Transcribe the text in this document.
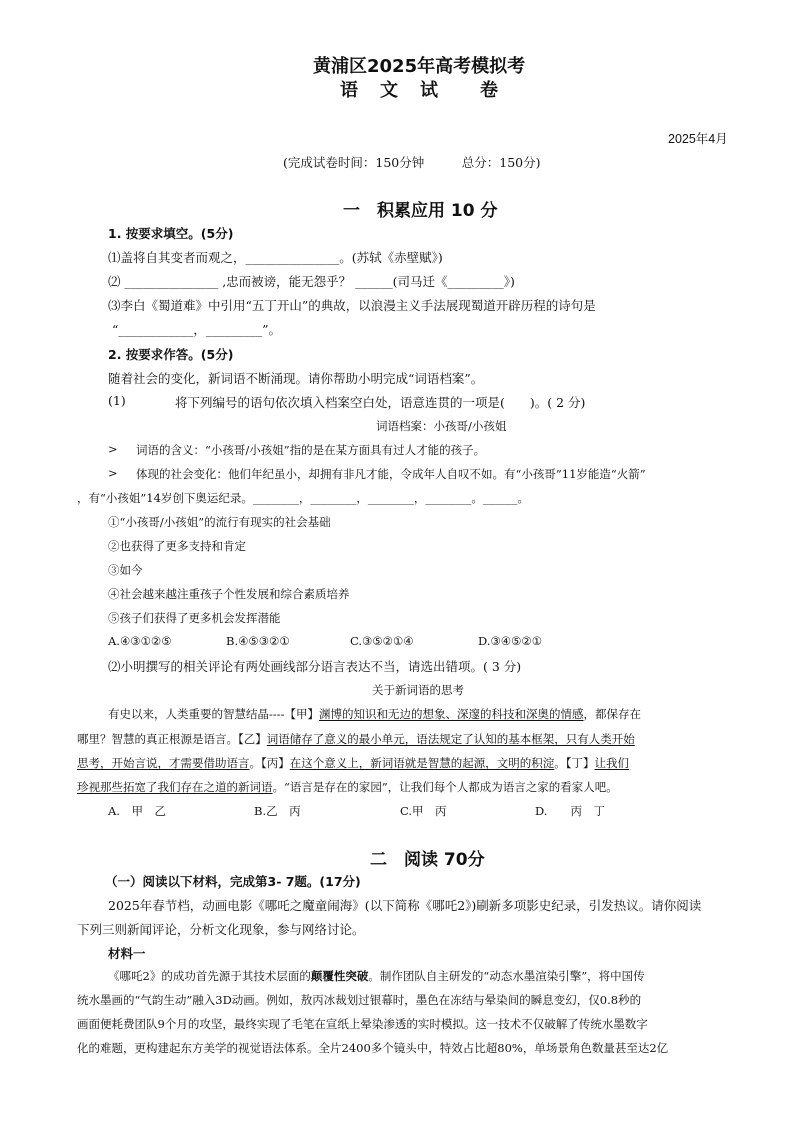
黄浦区2025年高考模拟考
语　文　试　　卷
2025年4月
(完成试卷时间：150分钟　　　总分：150分)
一　积累应用 10 分
1. 按要求填空。(5分)
⑴盖将自其变者而观之，_______________。(苏轼《赤壁赋》)
⑵ _______________ ,忠而被谤，能无怨乎？ ______(司马迁《_________》)
⑶李白《蜀道难》中引用“五丁开山”的典故，以浪漫主义手法展现蜀道开辟历程的诗句是
“____________，_________”。
2. 按要求作答。(5分)
随着社会的变化，新词语不断涌现。请你帮助小明完成“词语档案”。
(1)	将下列编号的语句依次填入档案空白处，语意连贯的一项是(　　)。( 2 分)
词语档案：小孩哥/小孩姐
> 词语的含义：“小孩哥/小孩姐”指的是在某方面具有过人才能的孩子。
> 体现的社会变化：他们年纪虽小，却拥有非凡才能，令成年人自叹不如。有“小孩哥”11岁能造“火箭”
，有“小孩姐”14岁创下奥运纪录。________，________，________，________。______。
①“小孩哥/小孩姐”的流行有现实的社会基础
②也获得了更多支持和肯定
③如今
④社会越来越注重孩子个性发展和综合素质培养
⑤孩子们获得了更多机会发挥潜能
A.④③①②⑤	B.④⑤③②①	C.③⑤②①④	D.③④⑤②①
⑵小明撰写的相关评论有两处画线部分语言表达不当，请选出错项。( 3 分)
关于新词语的思考
有史以来，人类重要的智慧结晶----【甲】渊博的知识和无边的想象、深邃的科技和深奥的情感，都保存在
哪里？智慧的真正根源是语言。【乙】词语储存了意义的最小单元，语法规定了认知的基本框架，只有人类开始
思考，开始言说，才需要借助语言。【丙】在这个意义上，新词语就是智慧的起源，文明的积淀。【丁】让我们
珍视那些拓宽了我们存在之道的新词语。“语言是存在的家园”，让我们每个人都成为语言之家的看家人吧。
A.　甲　乙	B.乙　丙	C.甲　丙	D.　　丙　丁
二　阅读 70分
（一）阅读以下材料，完成第3- 7题。(17分)
2025年春节档，动画电影《哪吒之魔童闹海》(以下简称《哪吒2》)刷新多项影史纪录，引发热议。请你阅读
下列三则新闻评论，分析文化现象，参与网络讨论。
材料一
《哪吒2》的成功首先源于其技术层面的颠覆性突破。制作团队自主研发的“动态水墨渲染引擎”，将中国传
统水墨画的“气韵生动”融入3D动画。例如，敖丙冰裁划过银幕时，墨色在冻结与晕染间的瞬息变幻，仅0.8秒的
画面便耗费团队9个月的攻坚，最终实现了毛笔在宣纸上晕染渗透的实时模拟。这一技术不仅破解了传统水墨数字
化的难题，更构建起东方美学的视觉语法体系。全片2400多个镜头中，特效占比超80%，单场景角色数量甚至达2亿
